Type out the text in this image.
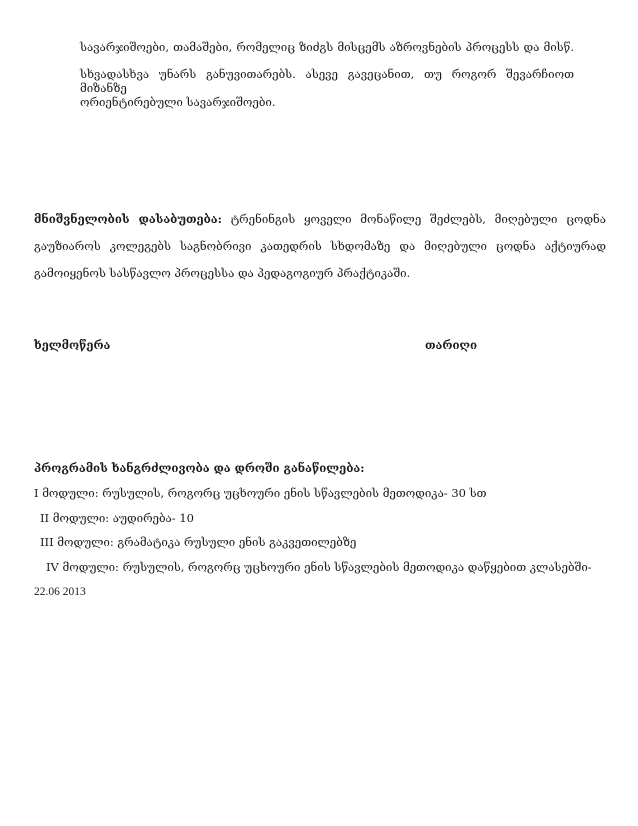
სავარჯიშოები, თამაშები, რომელიც ზიძგს მისცემს აზროვნების პროცესს და მისწ.
სხვადასხვა უნარს განუვითარებს. ასევე გავეცანით, თუ როგორ შევარჩიოთ მიზანზე
ორიენტირებული სავარჯიშოები.
მნიშვნელობის დასაბუთება: ტრენინგის ყოველი მონაწილე შეძლებს, მიღებული ცოდნა
გაუზიაროს კოლეგებს საგნობრივი კათედრის სხდომაზე და მიღებული ცოდნა აქტიურად
გამოიყენოს სასწავლო პროცესსა და პედაგოგიურ პრაქტიკაში.
ხელმოწერა	თარიღი
პროგრამის ხანგრძლივობა და დროში განაწილება:
I მოდული: რუსულის, როგორც უცხოური ენის სწავლების მეთოდიკა- 30 სთ
II მოდული: აუდირება- 10
III მოდული: გრამატიკა რუსული ენის გაკვეთილებზე
IV მოდული: რუსულის, როგორც უცხოური ენის სწავლების მეთოდიკა დაწყებით კლასებში-
22.06 2013
